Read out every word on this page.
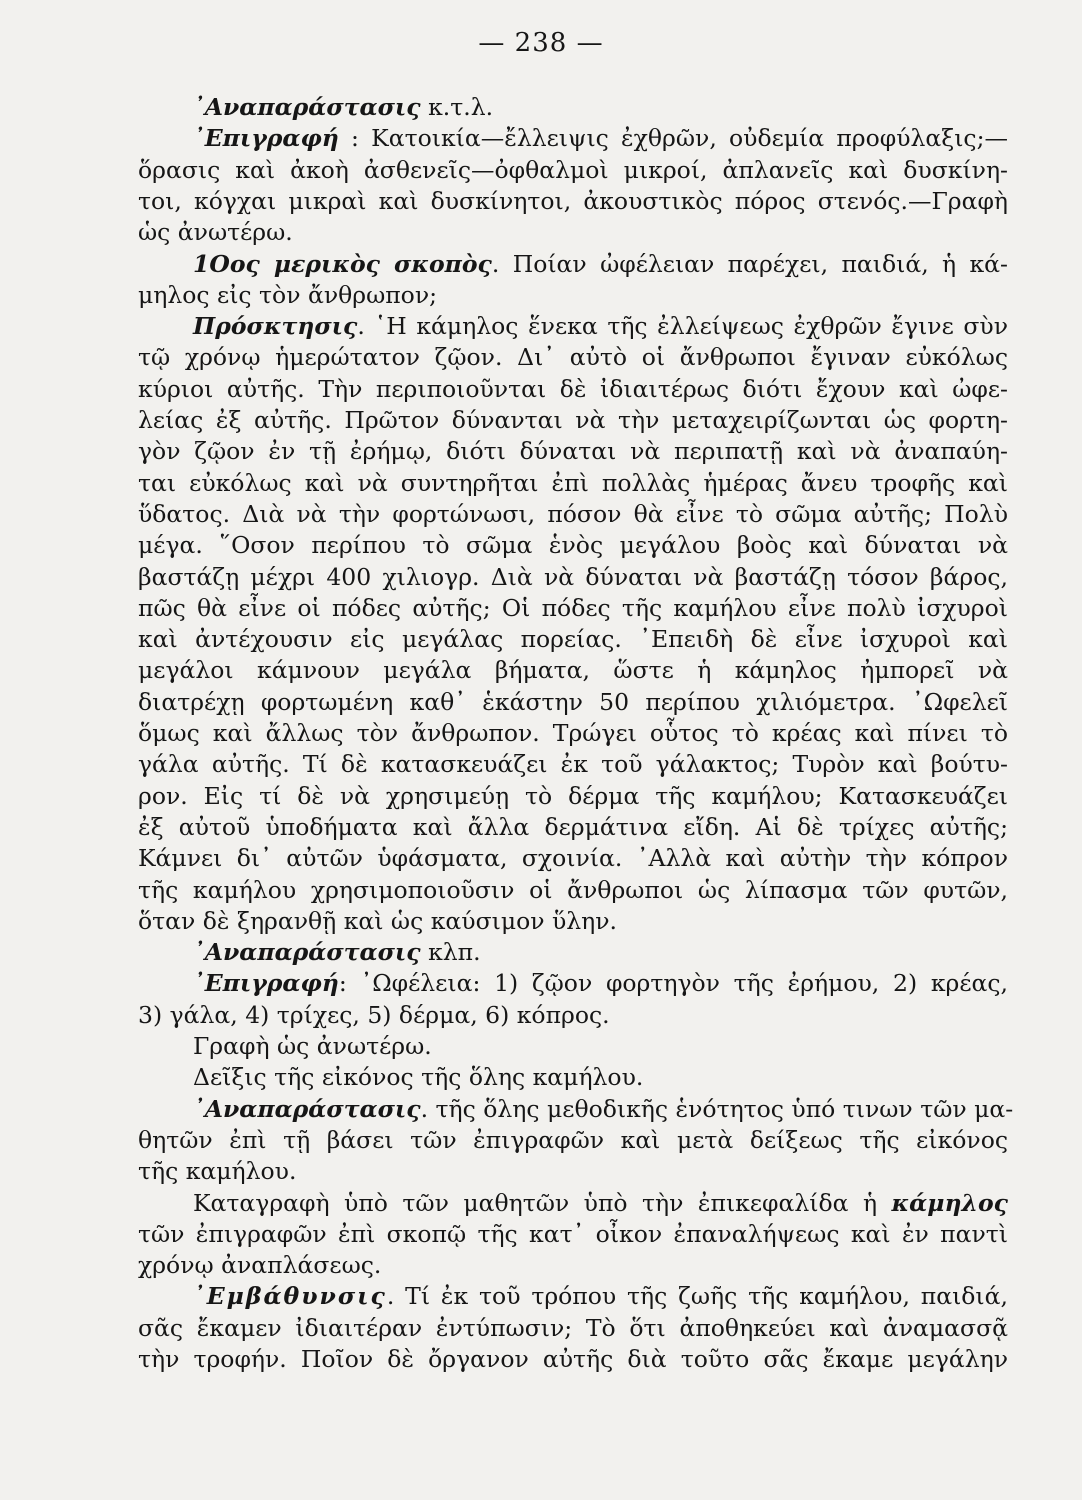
— 238 —
᾿Αναπαράστασις κ.τ.λ.
᾿Επιγραφή : Κατοικία—ἔλλειψις ἐχθρῶν, οὐδεμία προφύλαξις;—
ὅρασις καὶ ἀκοὴ ἀσθενεῖς—ὀφθαλμοὶ μικροί, ἀπλανεῖς καὶ δυσκίνη-
τοι, κόγχαι μικραὶ καὶ δυσκίνητοι, ἀκουστικὸς πόρος στενός.—Γραφὴ
ὡς ἀνωτέρω.
1Οος μερικὸς σκοπὸς. Ποίαν ὠφέλειαν παρέχει, παιδιά, ἡ κά-
μηλος εἰς τὸν ἄνθρωπον;
Πρόσκτησις. ῾Η κάμηλος ἕνεκα τῆς ἐλλείψεως ἐχθρῶν ἔγινε σὺν
τῷ χρόνῳ ἡμερώτατον ζῷον. Δι᾿ αὐτὸ οἱ ἄνθρωποι ἔγιναν εὐκόλως
κύριοι αὐτῆς. Τὴν περιποιοῦνται δὲ ἰδιαιτέρως διότι ἔχουν καὶ ὠφε-
λείας ἐξ αὐτῆς. Πρῶτον δύνανται νὰ τὴν μεταχειρίζωνται ὡς φορτη-
γὸν ζῷον ἐν τῇ ἐρήμῳ, διότι δύναται νὰ περιπατῇ καὶ νὰ ἀναπαύη-
ται εὐκόλως καὶ νὰ συντηρῆται ἐπὶ πολλὰς ἡμέρας ἄνευ τροφῆς καὶ
ὕδατος. Διὰ νὰ τὴν φορτώνωσι, πόσον θὰ εἶνε τὸ σῶμα αὐτῆς; Πολὺ
μέγα. ῞Οσον περίπου τὸ σῶμα ἑνὸς μεγάλου βοὸς καὶ δύναται νὰ
βαστάζῃ μέχρι 400 χιλιογρ. Διὰ νὰ δύναται νὰ βαστάζῃ τόσον βάρος,
πῶς θὰ εἶνε οἱ πόδες αὐτῆς; Οἱ πόδες τῆς καμήλου εἶνε πολὺ ἰσχυροὶ
καὶ ἀντέχουσιν εἰς μεγάλας πορείας. ᾿Επειδὴ δὲ εἶνε ἰσχυροὶ καὶ
μεγάλοι κάμνουν μεγάλα βήματα, ὥστε ἡ κάμηλος ἠμπορεῖ νὰ
διατρέχῃ φορτωμένη καθ᾿ ἑκάστην 50 περίπου χιλιόμετρα. ᾿Ωφελεῖ
ὅμως καὶ ἄλλως τὸν ἄνθρωπον. Τρώγει οὗτος τὸ κρέας καὶ πίνει τὸ
γάλα αὐτῆς. Τί δὲ κατασκευάζει ἐκ τοῦ γάλακτος; Τυρὸν καὶ βούτυ-
ρον. Εἰς τί δὲ νὰ χρησιμεύῃ τὸ δέρμα τῆς καμήλου; Κατασκευάζει
ἐξ αὐτοῦ ὑποδήματα καὶ ἄλλα δερμάτινα εἴδη. Αἱ δὲ τρίχες αὐτῆς;
Κάμνει δι᾿ αὐτῶν ὑφάσματα, σχοινία. ᾿Αλλὰ καὶ αὐτὴν τὴν κόπρον
τῆς καμήλου χρησιμοποιοῦσιν οἱ ἄνθρωποι ὡς λίπασμα τῶν φυτῶν,
ὅταν δὲ ξηρανθῇ καὶ ὡς καύσιμον ὕλην.
᾿Αναπαράστασις κλπ.
᾿Επιγραφή: ᾿Ωφέλεια: 1) ζῷον φορτηγὸν τῆς ἐρήμου, 2) κρέας,
3) γάλα, 4) τρίχες, 5) δέρμα, 6) κόπρος.
Γραφὴ ὡς ἀνωτέρω.
Δεῖξις τῆς εἰκόνος τῆς ὅλης καμήλου.
᾿Αναπαράστασις. τῆς ὅλης μεθοδικῆς ἑνότητος ὑπό τινων τῶν μα-
θητῶν ἐπὶ τῇ βάσει τῶν ἐπιγραφῶν καὶ μετὰ δείξεως τῆς εἰκόνος
τῆς καμήλου.
Καταγραφὴ ὑπὸ τῶν μαθητῶν ὑπὸ τὴν ἐπικεφαλίδα ἡ κάμηλος
τῶν ἐπιγραφῶν ἐπὶ σκοπῷ τῆς κατ᾿ οἶκον ἐπαναλήψεως καὶ ἐν παντὶ
χρόνῳ ἀναπλάσεως.
᾿Εμβάθυνσις. Τί ἐκ τοῦ τρόπου τῆς ζωῆς τῆς καμήλου, παιδιά,
σᾶς ἔκαμεν ἰδιαιτέραν ἐντύπωσιν; Τὸ ὅτι ἀποθηκεύει καὶ ἀναμασσᾷ
τὴν τροφήν. Ποῖον δὲ ὄργανον αὐτῆς διὰ τοῦτο σᾶς ἔκαμε μεγάλην
